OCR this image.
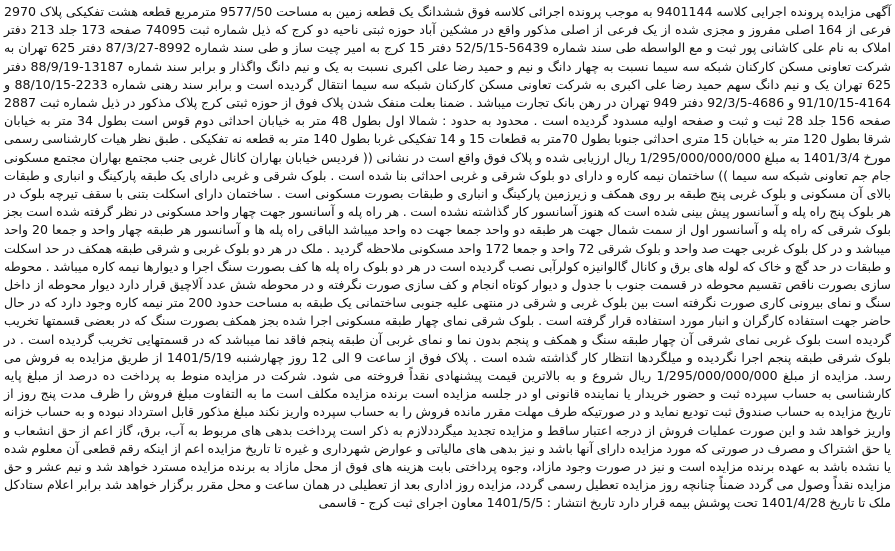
آگهی مزایده پرونده اجرایی کلاسه 9401144 به موجب پرونده اجرائی کلاسه فوق ششدانگ یک قطعه زمین به مساحت 9577/50 مترمربع قطعه هشت تفکیکی پلاک 2970 فرعی از 164 اصلی مفروز و مجزی شده از یک فرعی از اصلی مذکور واقع در مشکین آباد حوزه ثبتی ناحیه دو کرج که ذیل شماره ثبت 74095 صفحه 173 جلد 213 دفتر املاک به نام علی کاشانی پور ثبت و مع الواسطه طی سند شماره 56439-52/5/15 دفتر 15 کرج به امیر چیت ساز و طی سند شماره 8992-87/3/27 دفتر 625 تهران به شرکت تعاونی مسکن کارکنان شبکه سه سیما نسبت به چهار دانگ و نیم و حمید رضا علی اکبری نسبت به یک و نیم دانگ واگذار و برابر سند شماره 13187-88/9/19 دفتر 625 تهران یک و نیم دانگ سهم حمید رضا علی اکبری به شرکت تعاونی مسکن کارکنان شبکه سه سیما انتقال گردیده است و برابر سند رهنی شماره 2233-88/10/15 و 4164-91/10/15 و 4686-92/3/5 دفتر 949 تهران در رهن بانک تجارت میباشد . ضمنا بعلت منفک شدن پلاک فوق از حوزه ثبتی کرج پلاک مذکور در ذیل شماره ثبت 2887 صفحه 156 جلد 28 ثبت و ثبت و صفحه اولیه مسدود گردیده است . محدود به حدود : شمالا اول بطول 48 متر به خیابان احداثی دوم قوس است بطول 34 متر به خیابان شرقا بطول 120 متر به خیابان 15 متری احداثی جنوبا بطول 70متر به قطعات 15 و 14 تفکیکی غربا بطول 140 متر به قطعه نه تفکیکی . طبق نظر هیات کارشناسی رسمی مورخ 1401/3/4 به مبلغ 1/295/000/000/000 ریال ارزیابی شده و پلاک فوق واقع است در نشانی (( فردیس خیابان بهاران کانال غربی جنب مجتمع بهاران مجتمع مسکونی جام جم تعاونی شبکه سه سیما )) ساختمان نیمه کاره و دارای دو بلوک شرقی و غربی احداثی بنا شده است . بلوک شرقی و غربی دارای یک طبقه پارکینگ و انباری و طبقات بالای آن مسکونی و بلوک غربی پنج طبقه بر روی همکف و زیرزمین پارکینگ و انباری و طبقات بصورت مسکونی است . ساختمان دارای اسکلت بتنی با سقف تیرچه بلوک در هر بلوک پنج راه پله و آسانسور پیش بینی شده است که هنوز آسانسور کار گذاشته نشده است . هر راه پله و آسانسور جهت چهار واحد مسکونی در نظر گرفته شده است بجز بلوک شرقی که راه پله و آسانسور اول از سمت شمال جهت هر طبقه دو واحد جمعا جهت ده واحد میباشد الباقی راه پله ها و آسانسور هر طبقه چهار واحد و جمعا 20 واحد میباشد و در کل بلوک غربی جهت صد واحد و بلوک شرقی 72 واحد و جمعا 172 واحد مسکونی ملاحظه گردید . ملک در هر دو بلوک غربی و شرقی طبقه همکف در حد اسکلت و طبقات در حد گچ و خاک که لوله های برق و کانال گالوانیزه کولرآبی نصب گردیده است در هر دو بلوک راه پله ها کف بصورت سنگ اجرا و دیوارها نیمه کاره میباشد . محوطه سازی بصورت ناقص تقسیم محوطه در قسمت جنوب با جدول و دیوار کوتاه انجام و کف سازی صورت نگرفته و در محوطه شش عدد آلاچیق قرار دارد دیوار محوطه از داخل سنگ و نمای بیرونی کاری صورت نگرفته است بین بلوک غربی و شرقی در منتهی علیه جنوبی ساختمانی یک طبقه به مساحت حدود 200 متر نیمه کاره وجود دارد که در حال حاضر جهت استفاده کارگران و انبار مورد استفاده قرار گرفته است . بلوک شرقی نمای چهار طبقه مسکونی اجرا شده بجز همکف بصورت سنگ که در بعضی قسمتها تخریب گردیده است بلوک غربی نمای شرقی آن چهار طبقه سنگ و همکف و پنجم بدون نما و نمای غربی آن طبقه پنجم فاقد نما میباشد که در قسمتهایی تخریب گردیده است . در بلوک شرقی طبقه پنجم اجرا نگردیده و میلگردها انتظار کار گذاشته شده است . پلاک فوق از ساعت 9 الی 12 روز چهارشنبه 1401/5/19 از طریق مزایده به فروش می رسد. مزایده از مبلغ 1/295/000/000/000 ریال شروع و به بالاترین قیمت پیشنهادی نقداً فروخته می شود. شرکت در مزایده منوط به پرداخت ده درصد از مبلغ پایه کارشناسی به حساب سپرده ثبت و حضور خریدار یا نماینده قانونی او در جلسه مزایده است برنده مزایده مکلف است ما به التفاوت مبلغ فروش را ظرف مدت پنج روز از تاریخ مزایده به حساب صندوق ثبت تودیع نماید و در صورتیکه طرف مهلت مقرر مانده فروش را به حساب سپرده واریز نکند مبلغ مذکور قابل استرداد نبوده و به حساب خزانه واریز خواهد شد و این صورت عملیات فروش از درجه اعتبار ساقط و مزایده تجدید میگرددلازم به ذکر است پرداخت بدهی های مربوط به آب، برق، گاز اعم از حق انشعاب و یا حق اشتراک و مصرف در صورتی که مورد مزایده دارای آنها باشد و نیز بدهی های مالیاتی و عوارض شهرداری و غیره تا تاریخ مزایده اعم از اینکه رقم قطعی آن معلوم شده یا نشده باشد به عهده برنده مزایده است و نیز در صورت وجود مازاد، وجوه پرداختی بابت هزینه های فوق از محل مازاد به برنده مزایده مسترد خواهد شد و نیم عشر و حق مزایده نقداً وصول می گردد ضمناً چنانچه روز مزایده تعطیل رسمی گردد، مزایده روز اداری بعد از تعطیلی در همان ساعت و محل مقرر برگزار خواهد شد برابر اعلام ستادکل ملک تا تاریخ 1401/4/28 تحت پوشش بیمه قرار دارد تاریخ انتشار : 1401/5/5 معاون اجرای ثبت کرج - قاسمی
